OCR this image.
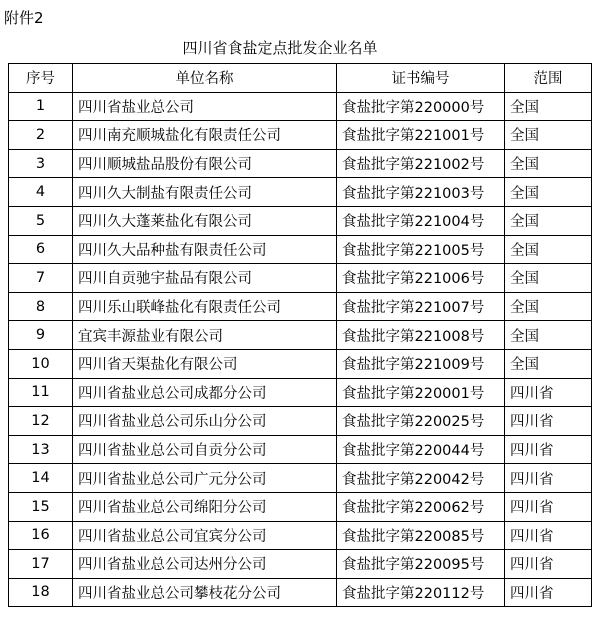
附件2
四川省食盐定点批发企业名单
序号	单位名称	证书编号	范围
1	四川省盐业总公司	食盐批字第220000号	全国
2	四川南充顺城盐化有限责任公司	食盐批字第221001号	全国
3	四川顺城盐品股份有限公司	食盐批字第221002号	全国
4	四川久大制盐有限责任公司	食盐批字第221003号	全国
5	四川久大蓬莱盐化有限公司	食盐批字第221004号	全国
6	四川久大品种盐有限责任公司	食盐批字第221005号	全国
7	四川自贡驰宇盐品有限公司	食盐批字第221006号	全国
8	四川乐山联峰盐化有限责任公司	食盐批字第221007号	全国
9	宜宾丰源盐业有限公司	食盐批字第221008号	全国
10	四川省天渠盐化有限公司	食盐批字第221009号	全国
11	四川省盐业总公司成都分公司	食盐批字第220001号	四川省
12	四川省盐业总公司乐山分公司	食盐批字第220025号	四川省
13	四川省盐业总公司自贡分公司	食盐批字第220044号	四川省
14	四川省盐业总公司广元分公司	食盐批字第220042号	四川省
15	四川省盐业总公司绵阳分公司	食盐批字第220062号	四川省
16	四川省盐业总公司宜宾分公司	食盐批字第220085号	四川省
17	四川省盐业总公司达州分公司	食盐批字第220095号	四川省
18	四川省盐业总公司攀枝花分公司	食盐批字第220112号	四川省
